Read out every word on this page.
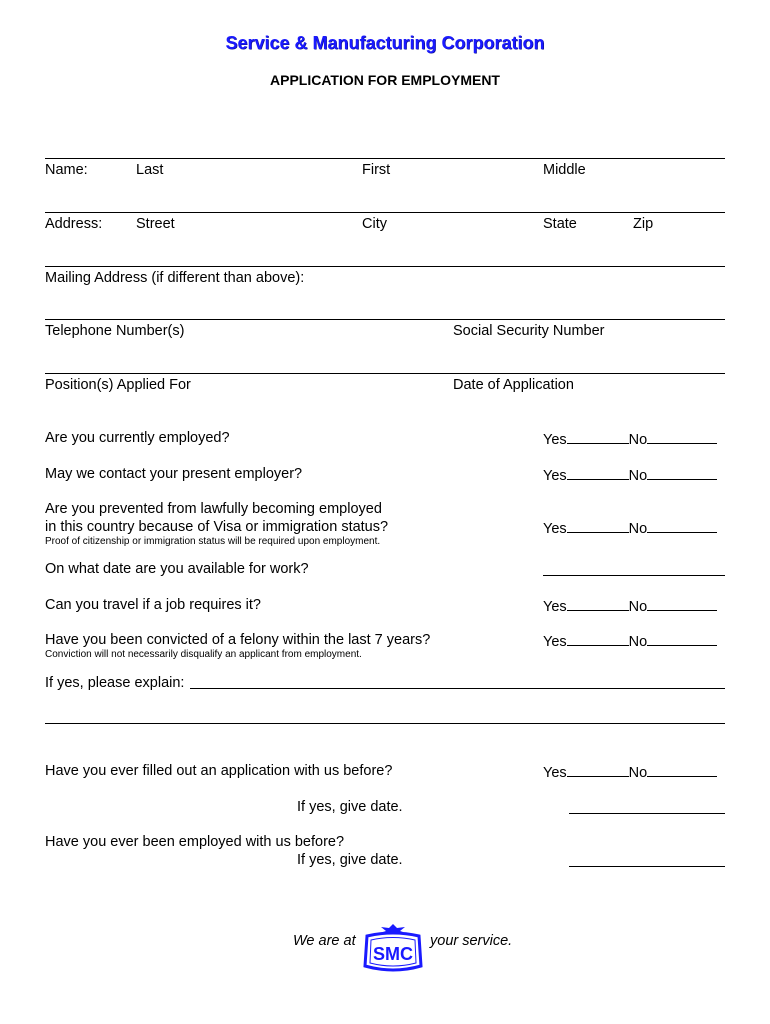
Service & Manufacturing Corporation
APPLICATION FOR EMPLOYMENT
Name:	Last	First	Middle
Address: Street	City	State	Zip
Mailing Address (if different than above):
Telephone Number(s)	Social Security Number
Position(s) Applied For	Date of Application
Are you currently employed?	Yes	No
May we contact your present employer?	Yes	No
Are you prevented from lawfully becoming employed
in this country because of Visa or immigration status?	Yes	No
Proof of citizenship or immigration status will be required upon employment.
On what date are you available for work?
Can you travel if a job requires it?	Yes	No
Have you been convicted of a felony within the last 7 years?	Yes	No
Conviction will not necessarily disqualify an applicant from employment.
If yes, please explain:
Have you ever filled out an application with us before?	Yes	No
If yes, give date.
Have you ever been employed with us before?
If yes, give date.
We are at
SMC
your service.
